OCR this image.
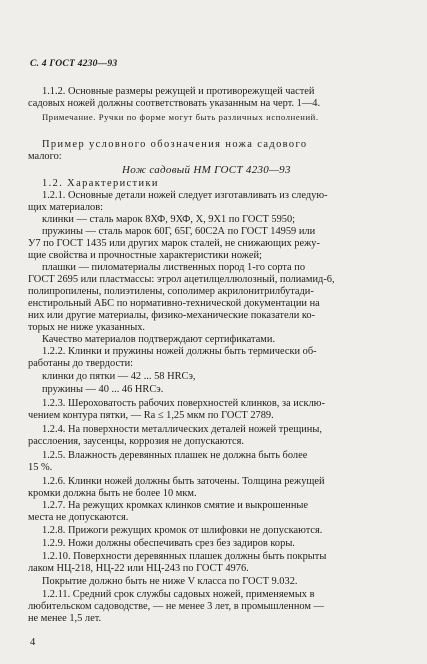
С. 4 ГОСТ 4230—93
1.1.2. Основные размеры режущей и противорежущей частей
садовых ножей должны соответствовать указанным на черт. 1—4.
Примечание. Ручки по форме могут быть различных исполнений.
Пример условного обозначения ножа садового
малого:
Нож садовый НМ ГОСТ 4230—93
1.2. Характеристики
1.2.1. Основные детали ножей следует изготавливать из следую-
щих материалов:
клинки — сталь марок 8ХФ, 9ХФ, Х, 9Х1 по ГОСТ 5950;
пружины — сталь марок 60Г, 65Г, 60С2А по ГОСТ 14959 или
У7 по ГОСТ 1435 или других марок сталей, не снижающих режу-
щие свойства и прочностные характеристики ножей;
плашки — пиломатериалы лиственных пород 1-го сорта по
ГОСТ 2695 или пластмассы: этрол ацетилцеллюлозный, полиамид-6,
полипропилены, полиэтилены, сополимер акрилонитрилбутади-
енстирольный АБС по нормативно-технической документации на
них или другие материалы, физико-механические показатели ко-
торых не ниже указанных.
Качество материалов подтверждают сертификатами.
1.2.2. Клинки и пружины ножей должны быть термически об-
работаны до твердости:
клинки до пятки — 42 ... 58 HRCэ,
пружины — 40 ... 46 HRCэ.
1.2.3. Шероховатость рабочих поверхностей клинков, за исклю-
чением контура пятки, — Ra ≤ 1,25 мкм по ГОСТ 2789.
1.2.4. На поверхности металлических деталей ножей трещины,
расслоения, заусенцы, коррозия не допускаются.
1.2.5. Влажность деревянных плашек не должна быть более
15 %.
1.2.6. Клинки ножей должны быть заточены. Толщина режущей
кромки должна быть не более 10 мкм.
1.2.7. На режущих кромках клинков смятие и выкрошенные
места не допускаются.
1.2.8. Прижоги режущих кромок от шлифовки не допускаются.
1.2.9. Ножи должны обеспечивать срез без задиров коры.
1.2.10. Поверхности деревянных плашек должны быть покрыты
лаком НЦ-218, НЦ-22 или НЦ-243 по ГОСТ 4976.
Покрытие должно быть не ниже V класса по ГОСТ 9.032.
1.2.11. Средний срок службы садовых ножей, применяемых в
любительском садоводстве, — не менее 3 лет, в промышленном —
не менее 1,5 лет.
4
